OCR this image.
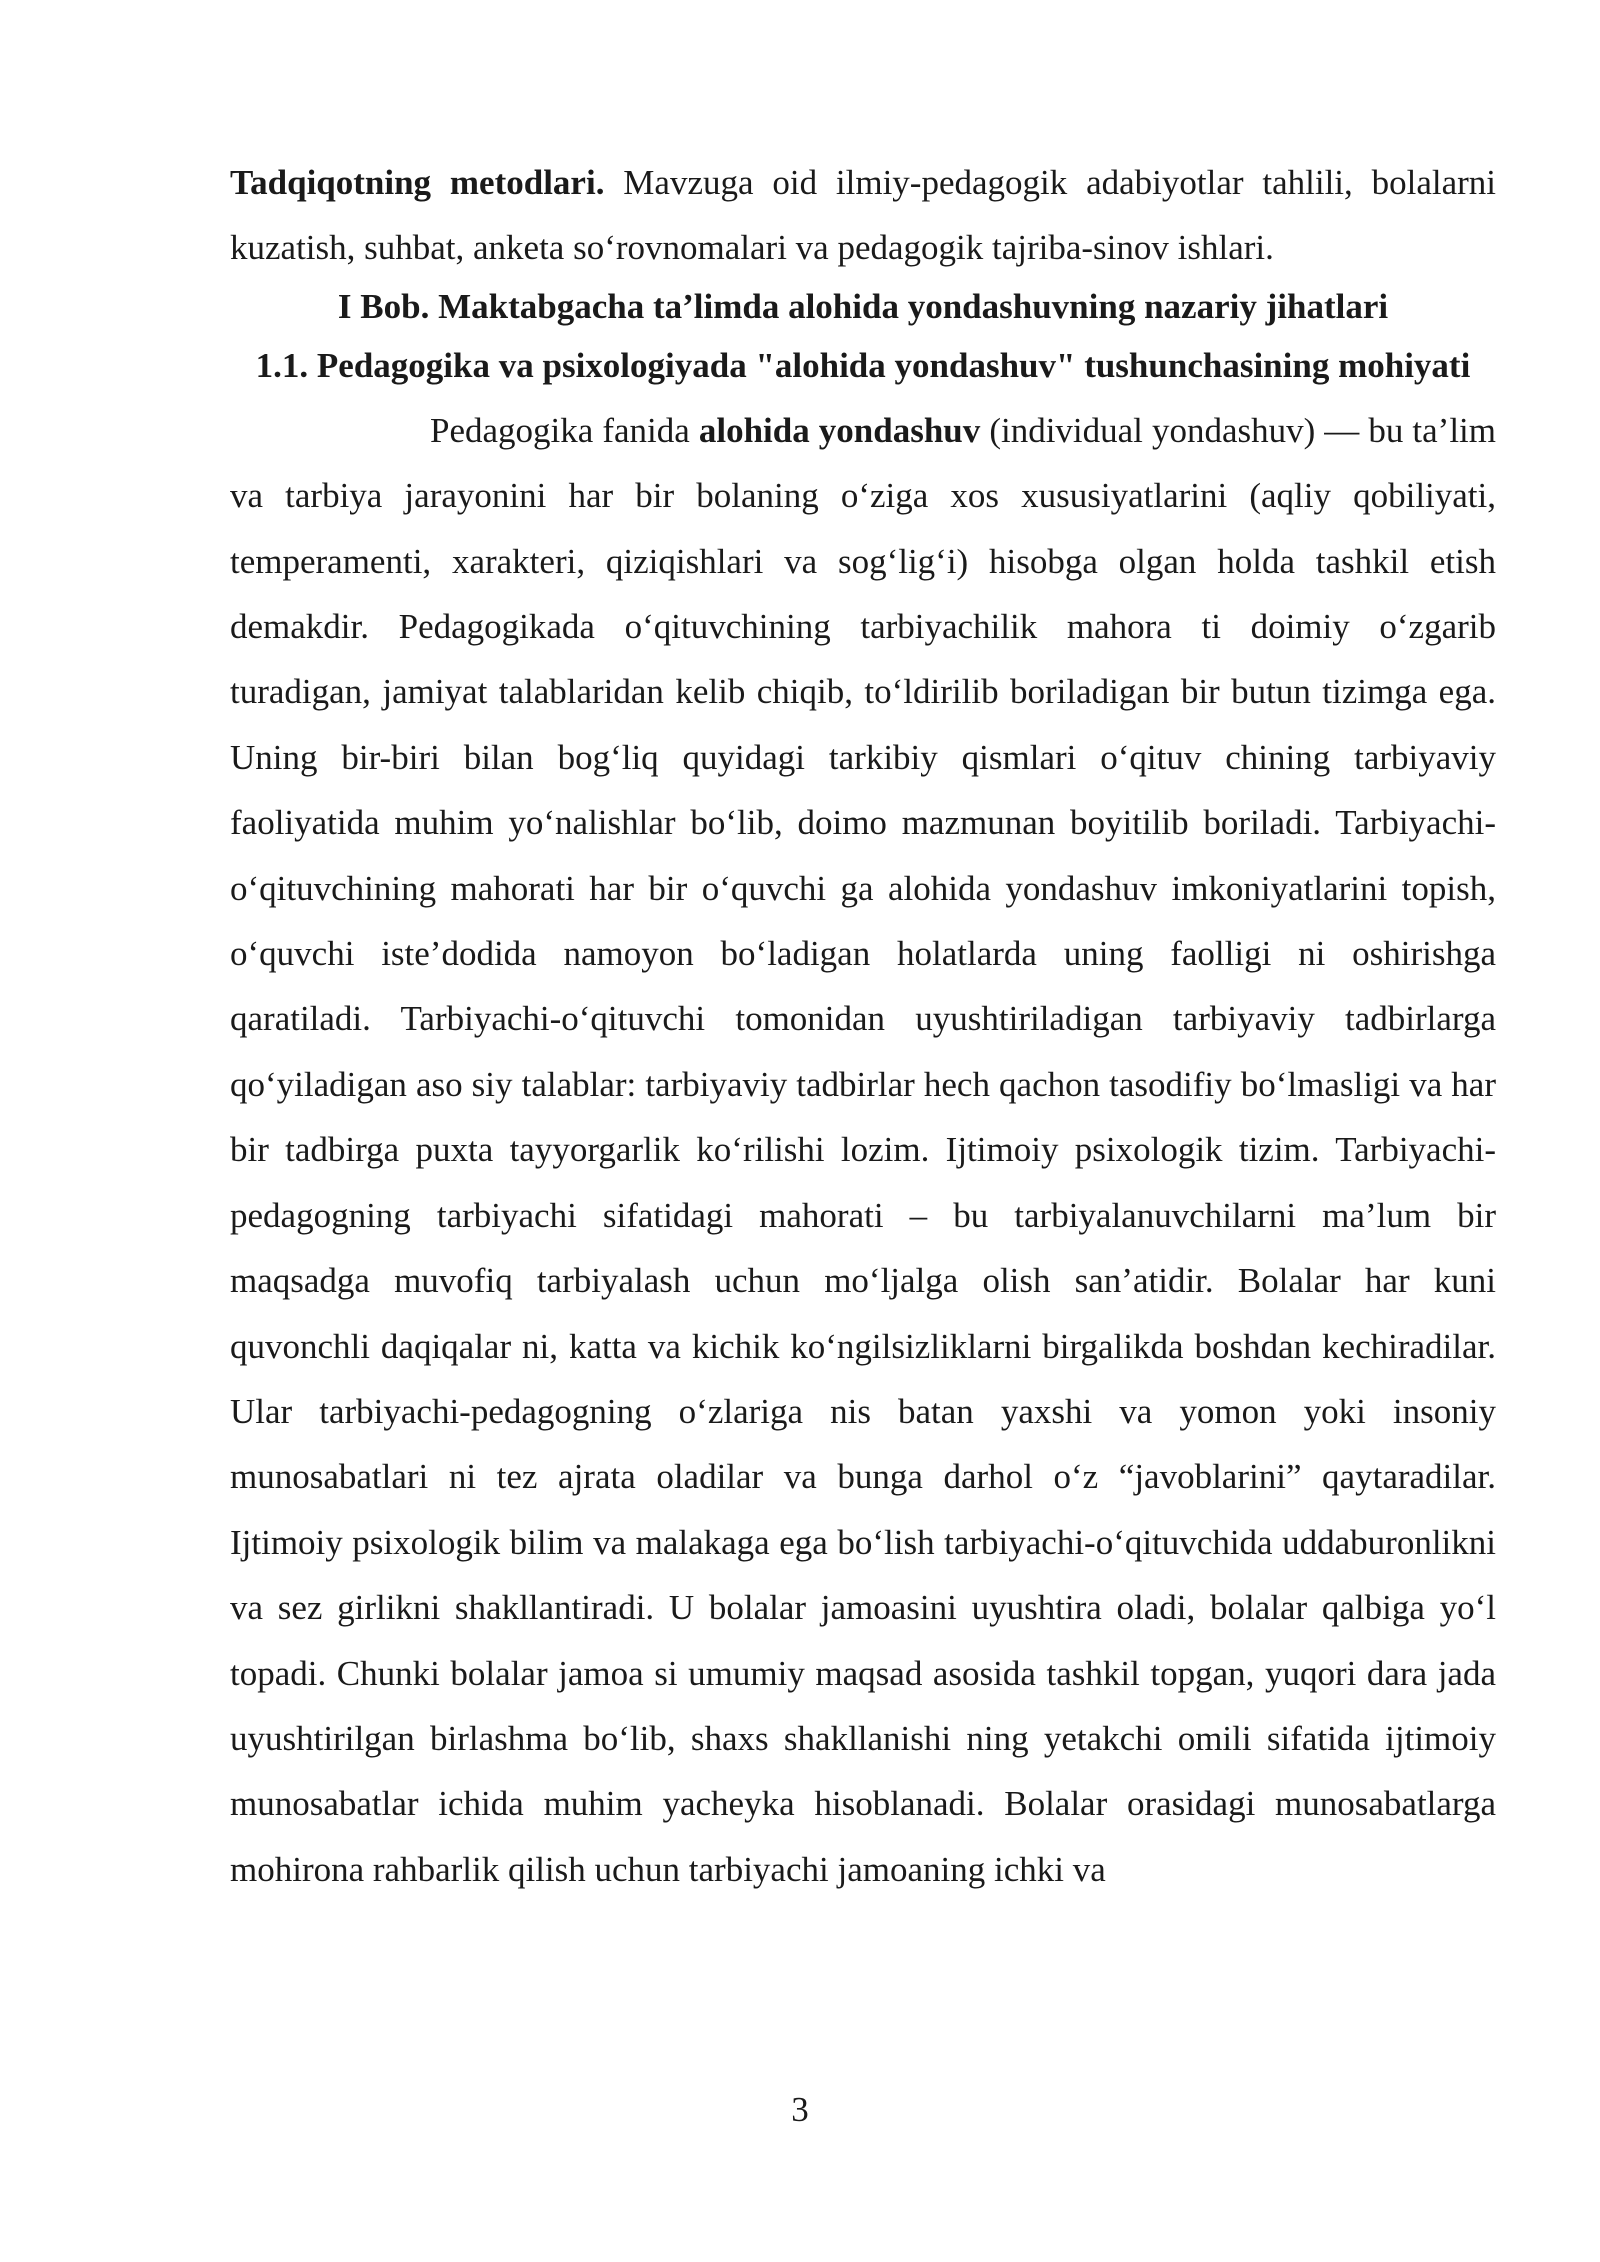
Tadqiqotning metodlari. Mavzuga oid ilmiy-pedagogik adabiyotlar tahlili, bolalarni kuzatish, suhbat, anketa so‘rovnomalari va pedagogik tajriba-sinov ishlari.

I Bob. Maktabgacha ta’limda alohida yondashuvning nazariy jihatlari
1.1. Pedagogika va psixologiyada "alohida yondashuv" tushunchasining mohiyati

Pedagogika fanida alohida yondashuv (individual yondashuv) — bu ta’lim va tarbiya jarayonini har bir bolaning o‘ziga xos xususiyatlarini (aqliy qobiliyati, temperamenti, xarakteri, qiziqishlari va sog‘lig‘i) hisobga olgan holda tashkil etish demakdir. Pedagogikada o‘qituvchining tarbiyachilik mahora ti doimiy o‘zgarib turadigan, jamiyat talablaridan kelib chiqib, to‘ldirilib boriladigan bir butun tizimga ega. Uning bir-biri bilan bog‘liq quyidagi tarkibiy qismlari o‘qituv chining tarbiyaviy faoliyatida muhim yo‘nalishlar bo‘lib, doimo mazmunan boyitilib boriladi. Tarbiyachi-o‘qituvchining mahorati har bir o‘quvchi ga alohida yondashuv imkoniyatlarini topish, o‘quvchi iste’dodida namoyon bo‘ladigan holatlarda uning faolligi ni oshirishga qaratiladi. Tarbiyachi-o‘qituvchi tomonidan uyushtiriladigan tarbiyaviy tadbirlarga qo‘yiladigan aso siy talablar: tarbiyaviy tadbirlar hech qachon tasodifiy bo‘lmasligi va har bir tadbirga puxta tayyorgarlik ko‘rilishi lozim. Ijtimoiy psixologik tizim. Tarbiyachi-pedagogning tarbiyachi sifatidagi mahorati – bu tarbiyalanuvchilarni ma’lum bir maqsadga muvofiq tarbiyalash uchun mo‘ljalga olish san’atidir. Bolalar har kuni quvonchli daqiqalar ni, katta va kichik ko‘ngilsizliklarni birgalikda boshdan kechiradilar. Ular tarbiyachi-pedagogning o‘zlariga nis batan yaxshi va yomon yoki insoniy munosabatlari ni tez ajrata oladilar va bunga darhol o‘z “javoblarini” qaytaradilar. Ijtimoiy psixologik bilim va malakaga ega bo‘lish tarbiyachi-o‘qituvchida uddaburonlikni va sez girlikni shakllantiradi. U bolalar jamoasini uyushtira oladi, bolalar qalbiga yo‘l topadi. Chunki bolalar jamoa si umumiy maqsad asosida tashkil topgan, yuqori dara jada uyushtirilgan birlashma bo‘lib, shaxs shakllanishi ning yetakchi omili sifatida ijtimoiy munosabatlar ichida muhim yacheyka hisoblanadi. Bolalar orasidagi munosabatlarga mohirona rahbarlik qilish uchun tarbiyachi jamoaning ichki va

3
